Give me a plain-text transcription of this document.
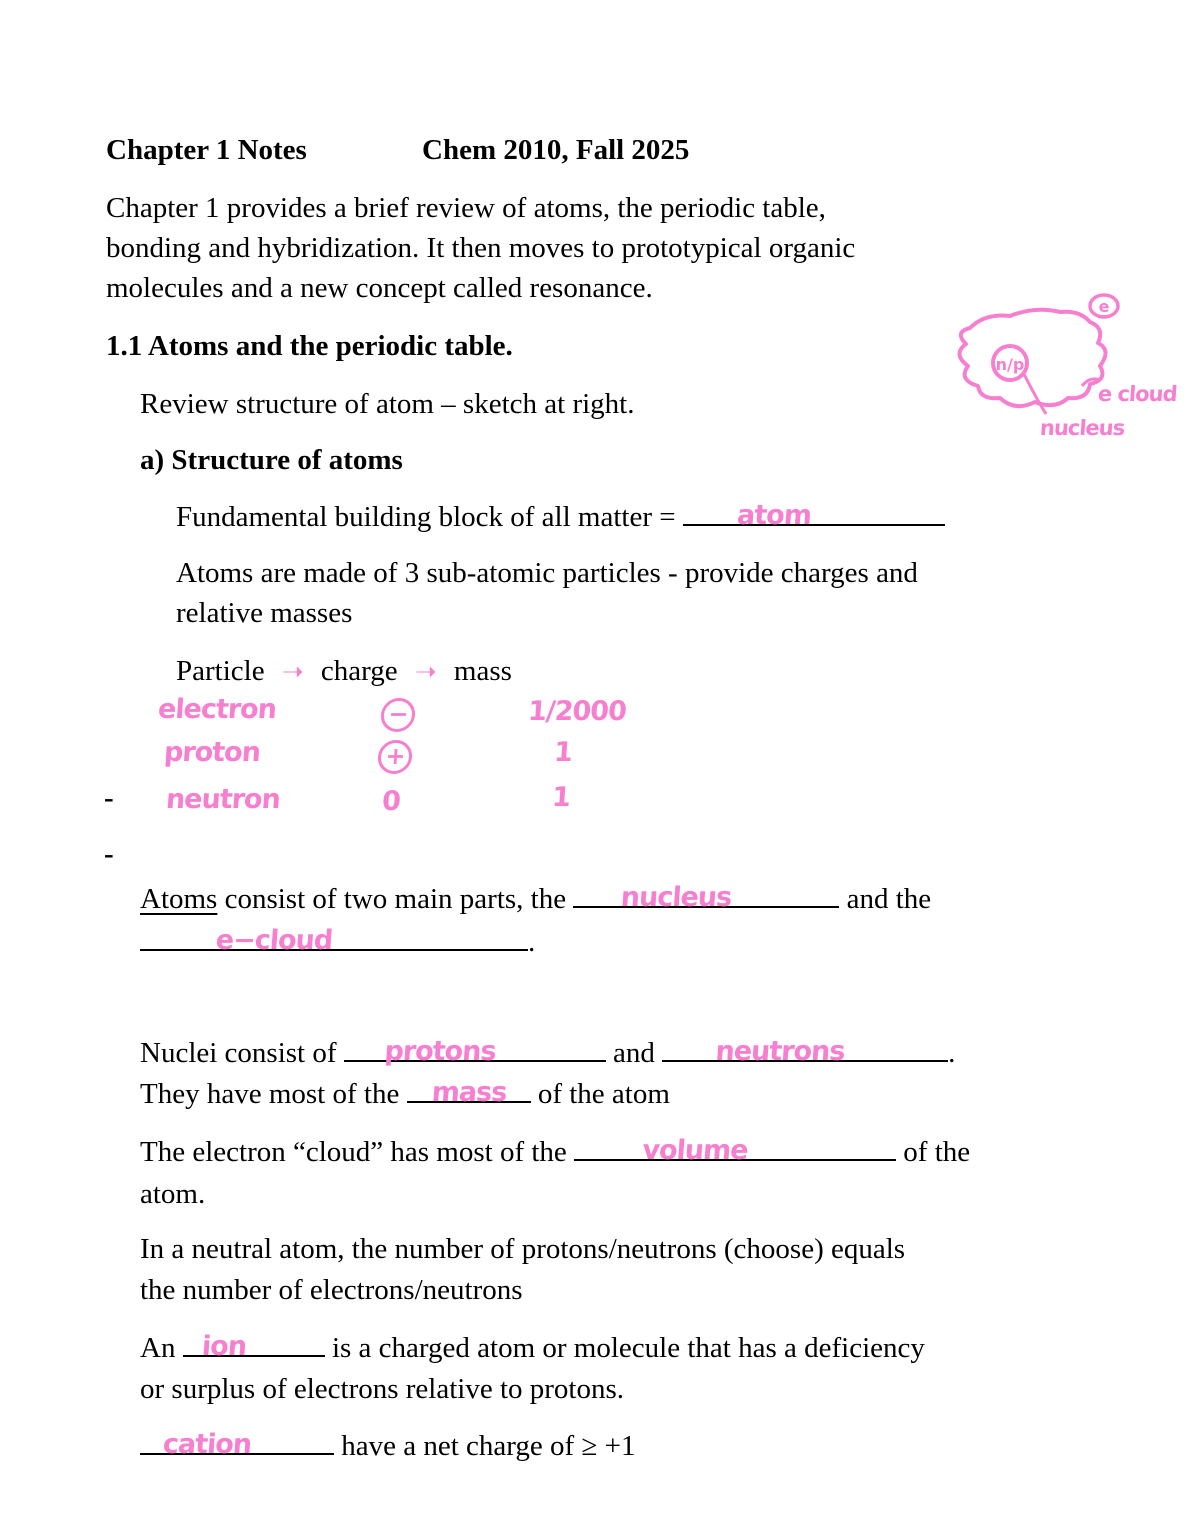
Chapter 1 Notes	Chem 2010, Fall 2025
Chapter 1 provides a brief review of atoms, the periodic table,
bonding and hybridization. It then moves to prototypical organic
molecules and a new concept called resonance.
1.1 Atoms and the periodic table.
n/p
e
e cloud
nucleus
Review structure of atom – sketch at right.
a) Structure of atoms
Fundamental building block of all matter =	atom
Atoms are made of 3 sub-atomic particles - provide charges and
relative masses
Particle ➝ charge ➝ mass
electron	−	1/2000
proton	+	1
neutron	0	1
-
-
Atoms consist of two main parts, the	nucleus	and the
e−cloud	.
Nuclei consist of	protons	and	neutrons	.
They have most of the mass of the atom
The electron “cloud” has most of the	volume	of the
atom.
In a neutral atom, the number of protons/neutrons (choose) equals
the number of electrons/neutrons
An ion	is a charged atom or molecule that has a deficiency
or surplus of electrons relative to protons.
cation	have a net charge of ≥ +1
